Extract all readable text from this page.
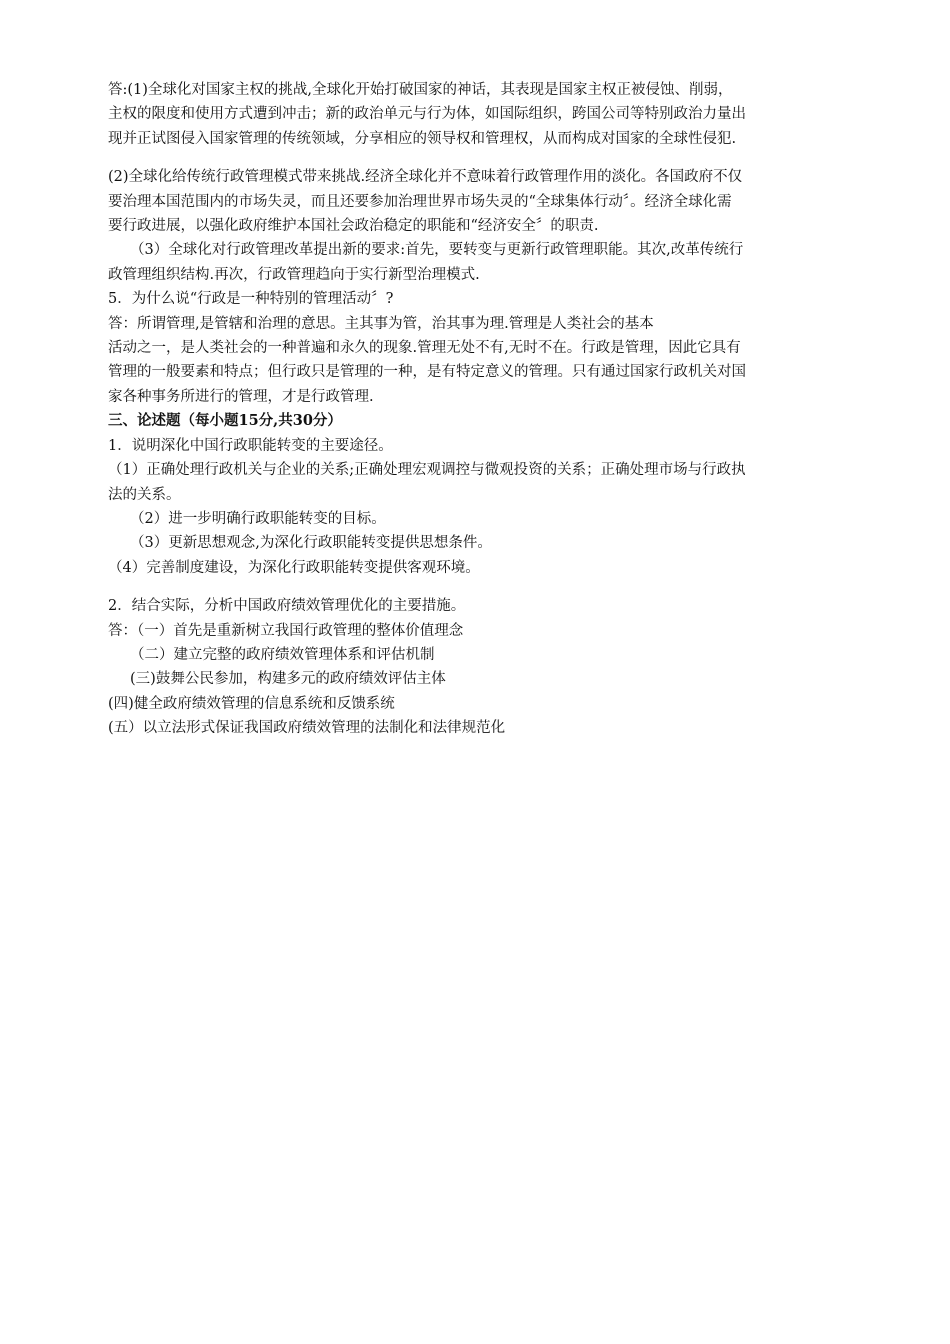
答:(1)全球化对国家主权的挑战,全球化开始打破国家的神话，其表现是国家主权正被侵蚀、削弱，
主权的限度和使用方式遭到冲击；新的政治单元与行为体，如国际组织，跨国公司等特别政治力量出
现并正试图侵入国家管理的传统领域，分享相应的领导权和管理权，从而构成对国家的全球性侵犯.
(2)全球化给传统行政管理模式带来挑战.经济全球化并不意味着行政管理作用的淡化。各国政府不仅
要治理本国范围内的市场失灵，而且还要参加治理世界市场失灵的“全球集体行动〞。经济全球化需
要行政进展，以强化政府维护本国社会政治稳定的职能和“经济安全〞的职责.
（3）全球化对行政管理改革提出新的要求:首先，要转变与更新行政管理职能。其次,改革传统行
政管理组织结构.再次，行政管理趋向于实行新型治理模式.
5．为什么说“行政是一种特别的管理活动〞?
答：所谓管理,是管辖和治理的意思。主其事为管，治其事为理.管理是人类社会的基本
活动之一，是人类社会的一种普遍和永久的现象.管理无处不有,无时不在。行政是管理，因此它具有
管理的一般要素和特点；但行政只是管理的一种，是有特定意义的管理。只有通过国家行政机关对国
家各种事务所进行的管理，才是行政管理.
三、论述题（每小题15分,共30分）
1．说明深化中国行政职能转变的主要途径。
（1）正确处理行政机关与企业的关系;正确处理宏观调控与微观投资的关系；正确处理市场与行政执
法的关系。
（2）进一步明确行政职能转变的目标。
（3）更新思想观念,为深化行政职能转变提供思想条件。
（4）完善制度建设，为深化行政职能转变提供客观环境。
2．结合实际，分析中国政府绩效管理优化的主要措施。
答：（一）首先是重新树立我国行政管理的整体价值理念
（二）建立完整的政府绩效管理体系和评估机制
(三)鼓舞公民参加，构建多元的政府绩效评估主体
(四)健全政府绩效管理的信息系统和反馈系统
(五）以立法形式保证我国政府绩效管理的法制化和法律规范化
